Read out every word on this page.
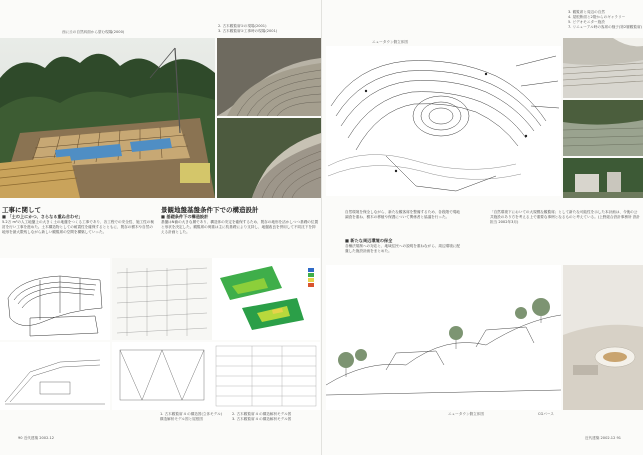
西に丘の自然斜面から望む現場(2000)
2. 古木観覧席①の現場(2001)
3. 古木観覧席①工事時の現場(2001)
工事に関して
■ 「土の上にかつ、さらなる重ね合わせ」
5.2万 m²の人工地盤上の大きく土の地盤をつくる工事であり、各工程での安全性、施工性の検討を行い工事を進めた。土木構造物としての耐震性を確保するとともに、既存の樹木や自然の地形を最大限残しながら新しい観覧席の空間を構築していった。
景観地盤基盤条件下での構造設計
■ 基礎条件下の構造設計
基盤はN値の大きな層であり、構造体の安定を確保するため、既存の地形を活かしつつ基礎の位置と形状を決定した。観覧席の荷重は主に杭基礎により支持し、地盤改良を併用して不同沈下を抑える計画とした。
1. 古木観覧席 4 の構造図(立体モデル)
構造解析モデル図と屋根図
2. 古木観覧席 4 の構造解析モデル図
3. 古木観覧席 4 の構造解析モデル図
90 近代建築 2002.12
ニュータウン側立体図
3. 観覧席と周辺の自然
4. 屋根断面と2階からのギャラリー
5. ビデオモニター施設
7. リニューアル時の客席の様子(第2層観覧席)
自然環境を保全しながら、新たな観客席を整備するため、各段階で現地調査を重ね、樹木の移植や保護について関係者と協議を行った。
■ 新たな周辺環境の保全
各種法規制への対応と、地域住民への説明を重ねながら、周辺環境に配慮した施設計画をまとめた。
「自然環境下においての大規模な観覧席」として新たな可能性を示した本計画は、今後の公共施設のあり方を考える上で重要な事例となるものと考えている。(上野総合設計事務所 設計担当 2002年3月)
ニュータウン側立体図	CGパース
近代建築 2002.12 91
